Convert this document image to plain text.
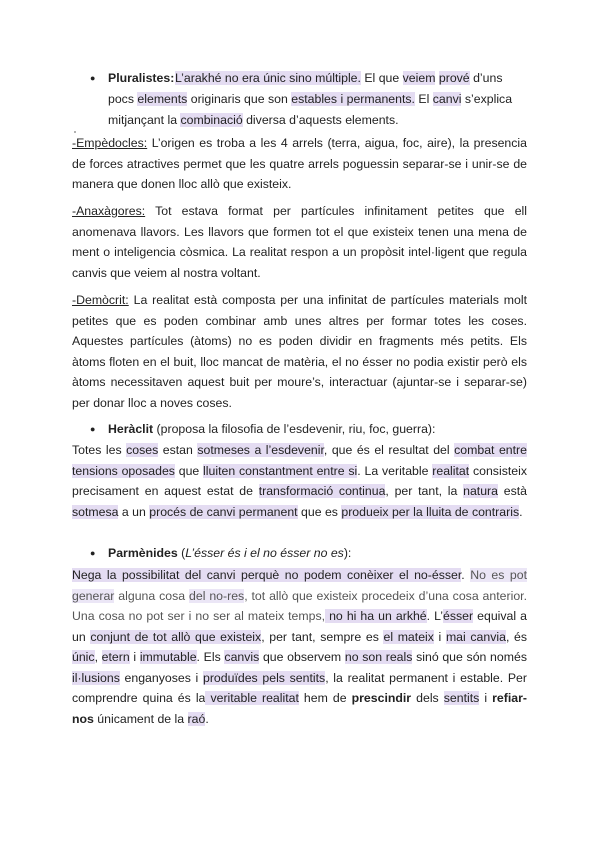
● Pluralistes: L’arakhé no era únic sino múltiple. El que veiem prové d’uns
pocs elements originaris que son estables i permanents. El canvi s’explica
mitjançant la combinació diversa d’aquests elements.
-Empèdocles: L’origen es troba a les 4 arrels (terra, aigua, foc, aire), la presencia de forces atractives permet que les quatre arrels poguessin separar-se i unir-se de manera que donen lloc allò que existeix.
-Anaxàgores: Tot estava format per partícules infinitament petites que ell anomenava llavors. Les llavors que formen tot el que existeix tenen una mena de ment o inteligencia còsmica. La realitat respon a un propòsit intel·ligent que regula canvis que veiem al nostra voltant.
-Demòcrit: La realitat està composta per una infinitat de partícules materials molt petites que es poden combinar amb unes altres per formar totes les coses. Aquestes partícules (àtoms) no es poden dividir en fragments més petits. Els àtoms floten en el buit, lloc mancat de matèria, el no ésser no podia existir però els àtoms necessitaven aquest buit per moure’s, interactuar (ajuntar-se i separar-se) per donar lloc a noves coses.
● Heràclit (proposa la filosofia de l’esdevenir, riu, foc, guerra):
Totes les coses estan sotmeses a l’esdevenir, que és el resultat del combat entre tensions oposades que lluiten constantment entre si. La veritable realitat consisteix precisament en aquest estat de transformació continua, per tant, la natura està sotmesa a un procés de canvi permanent que es produeix per la lluita de contraris.
● Parmènides (L’ésser és i el no ésser no es):
Nega la possibilitat del canvi perquè no podem conèixer el no-ésser. No es pot generar alguna cosa del no-res, tot allò que existeix procedeix d’una cosa anterior. Una cosa no pot ser i no ser al mateix temps, no hi ha un arkhé. L’ésser equival a un conjunt de tot allò que existeix, per tant, sempre es el mateix i mai canvia, és únic, etern i immutable. Els canvis que observem no son reals sinó que són només il·lusions enganyoses i produïdes pels sentits, la realitat permanent i estable. Per comprendre quina és la veritable realitat hem de prescindir dels sentits i refiar-nos únicament de la raó.
